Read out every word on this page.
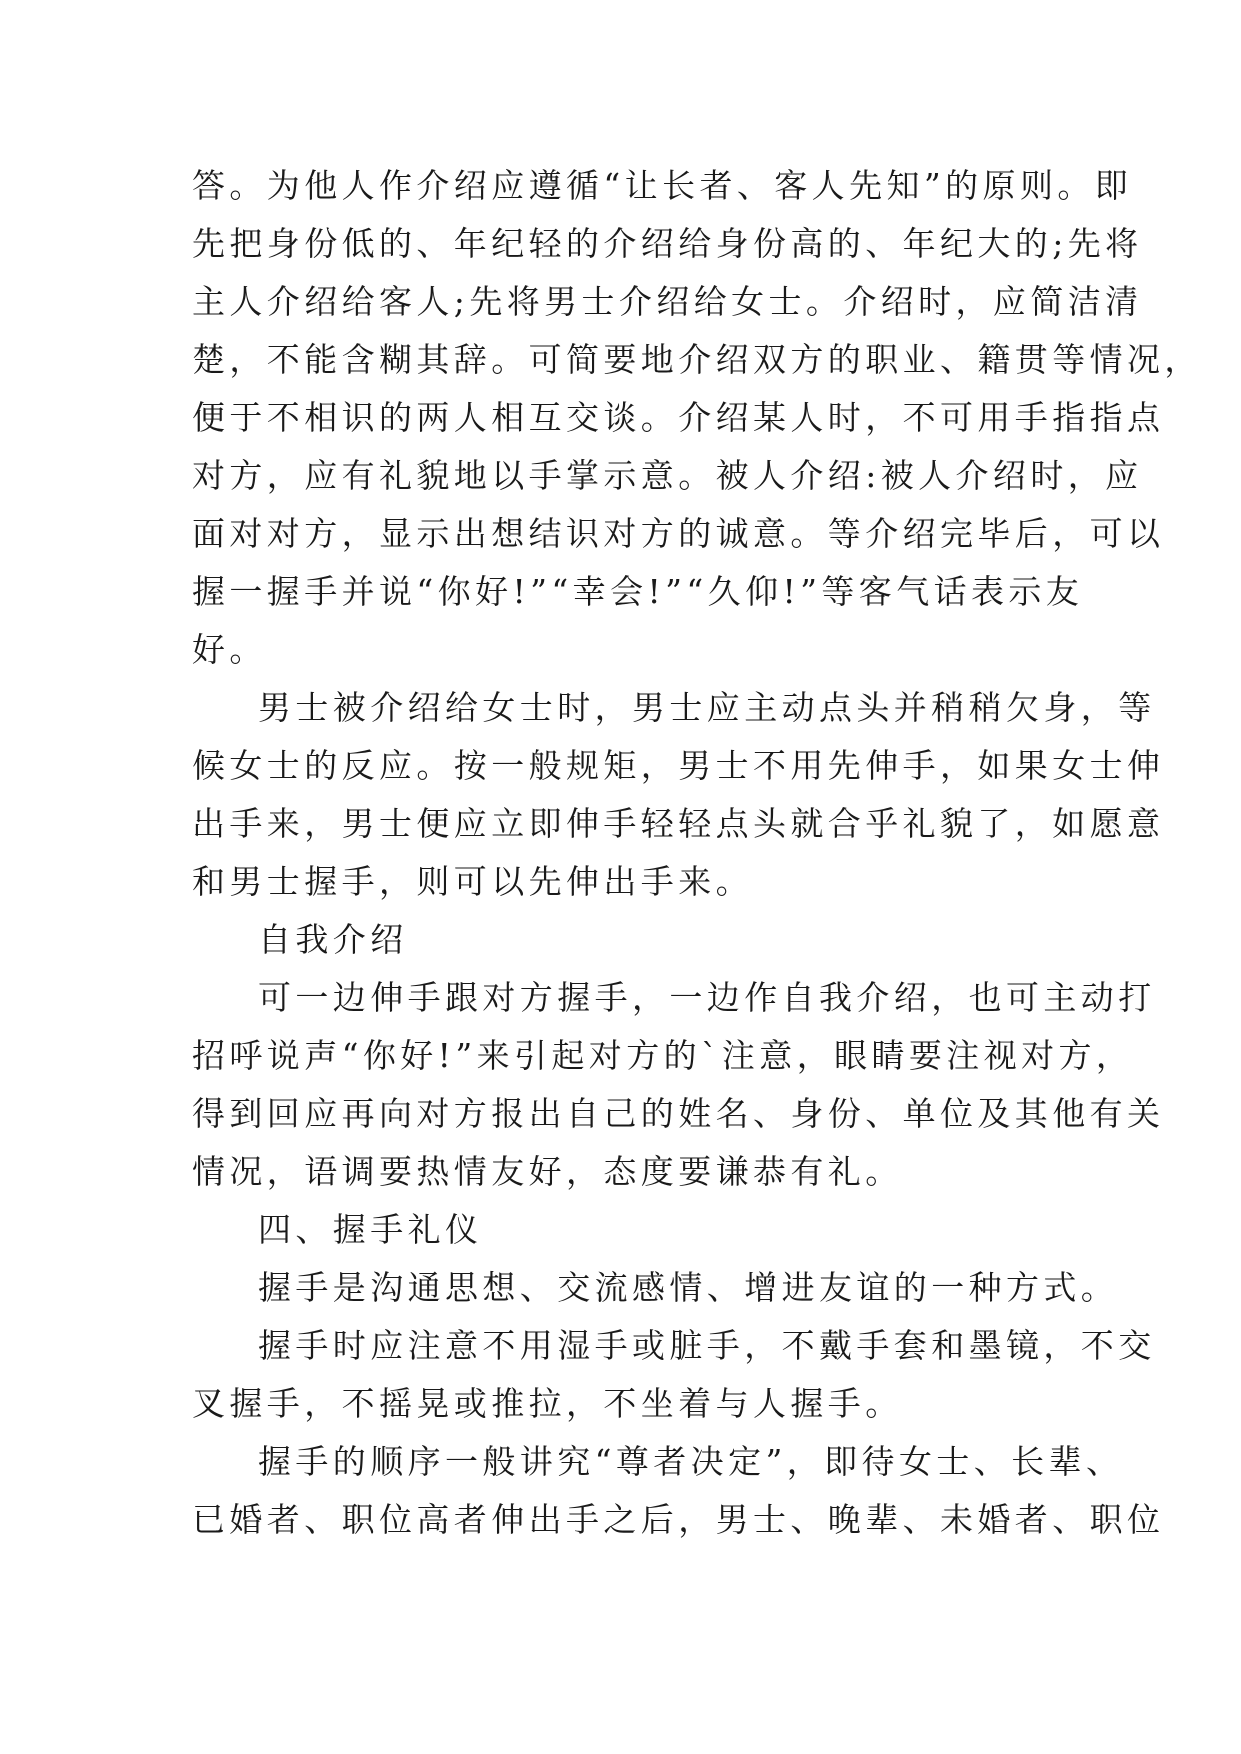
答。为他人作介绍应遵循“让长者、客人先知”的原则。即
先把身份低的、年纪轻的介绍给身份高的、年纪大的;先将
主人介绍给客人;先将男士介绍给女士。介绍时，应简洁清
楚，不能含糊其辞。可简要地介绍双方的职业、籍贯等情况，
便于不相识的两人相互交谈。介绍某人时，不可用手指指点
对方，应有礼貌地以手掌示意。被人介绍:被人介绍时，应
面对对方，显示出想结识对方的诚意。等介绍完毕后，可以
握一握手并说“你好!”“幸会!”“久仰!”等客气话表示友
好。
男士被介绍给女士时，男士应主动点头并稍稍欠身，等
候女士的反应。按一般规矩，男士不用先伸手，如果女士伸
出手来，男士便应立即伸手轻轻点头就合乎礼貌了，如愿意
和男士握手，则可以先伸出手来。
自我介绍
可一边伸手跟对方握手，一边作自我介绍，也可主动打
招呼说声“你好!”来引起对方的`注意，眼睛要注视对方，
得到回应再向对方报出自己的姓名、身份、单位及其他有关
情况，语调要热情友好，态度要谦恭有礼。
四、握手礼仪
握手是沟通思想、交流感情、增进友谊的一种方式。
握手时应注意不用湿手或脏手，不戴手套和墨镜，不交
叉握手，不摇晃或推拉，不坐着与人握手。
握手的顺序一般讲究“尊者决定”，即待女士、长辈、
已婚者、职位高者伸出手之后，男士、晚辈、未婚者、职位
